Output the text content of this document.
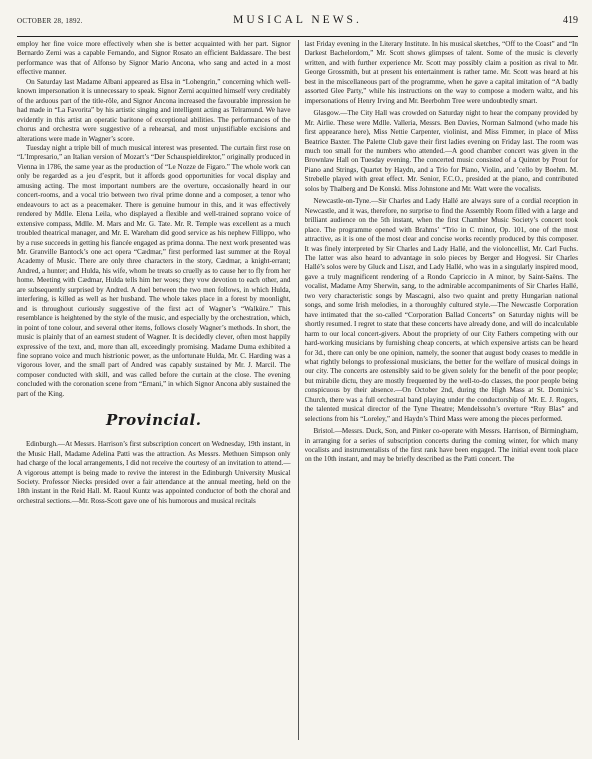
OCTOBER 28, 1892.	MUSICAL NEWS.	419

employ her fine voice more effectively when she is better acquainted with her part. Signor Bernardo Zerni was a capable Fernando, and Signor Rosato an efficient Baldassare. The best performance was that of Alfonso by Signor Mario Ancona, who sang and acted in a most effective manner.

On Saturday last Madame Albani appeared as Elsa in “Lohengrin,” concerning which well-known impersonation it is unnecessary to speak. Signor Zerni acquitted himself very creditably of the arduous part of the title-rôle, and Signor Ancona increased the favourable impression he had made in “La Favorita” by his artistic singing and intelligent acting as Telramund. We have evidently in this artist an operatic baritone of exceptional abilities. The performances of the chorus and orchestra were suggestive of a rehearsal, and most unjustifiable excisions and alterations were made in Wagner’s score.

Tuesday night a triple bill of much musical interest was presented. The curtain first rose on “L’Impresario,” an Italian version of Mozart’s “Der Schauspieldirektor,” originally produced in Vienna in 1786, the same year as the production of “Le Nozze de Figaro.” The whole work can only be regarded as a jeu d’esprit, but it affords good opportunities for vocal display and amusing acting. The most important numbers are the overture, occasionally heard in our concert-rooms, and a vocal trio between two rival prime donne and a composer, a tenor who endeavours to act as a peacemaker. There is genuine humour in this, and it was effectively rendered by Mdlle. Elena Leila, who displayed a flexible and well-trained soprano voice of extensive compass, Mdlle. M. Mars and Mr. G. Tate. Mr. R. Temple was excellent as a much troubled theatrical manager, and Mr. E. Wareham did good service as his nephew Fillippo, who by a ruse succeeds in getting his fiancée engaged as prima donna. The next work presented was Mr. Granville Bantock’s one act opera “Cædmar,” first performed last summer at the Royal Academy of Music. There are only three characters in the story, Cædmar, a knight-errant; Andred, a hunter; and Hulda, his wife, whom he treats so cruelly as to cause her to fly from her home. Meeting with Cædmar, Hulda tells him her woes; they vow devotion to each other, and are subsequently surprised by Andred. A duel between the two men follows, in which Hulda, interfering, is killed as well as her husband. The whole takes place in a forest by moonlight, and is throughout curiously suggestive of the first act of Wagner’s “Walküre.” This resemblance is heightened by the style of the music, and especially by the orchestration, which, in point of tone colour, and several other items, follows closely Wagner’s methods. In short, the music is plainly that of an earnest student of Wagner. It is decidedly clever, often most happily expressive of the text, and, more than all, exceedingly promising. Madame Duma exhibited a fine soprano voice and much histrionic power, as the unfortunate Hulda, Mr. C. Harding was a vigorous lover, and the small part of Andred was capably sustained by Mr. J. Marcil. The composer conducted with skill, and was called before the curtain at the close. The evening concluded with the coronation scene from “Ernani,” in which Signor Ancona ably sustained the part of the King.

Provincial.

Edinburgh.—At Messrs. Harrison’s first subscription concert on Wednesday, 19th instant, in the Music Hall, Madame Adelina Patti was the attraction. As Messrs. Methuen Simpson only had charge of the local arrangements, I did not receive the courtesy of an invitation to attend.—A vigorous attempt is being made to revive the interest in the Edinburgh University Musical Society. Professor Niecks presided over a fair attendance at the annual meeting, held on the 18th instant in the Reid Hall. M. Raoul Kuntz was appointed conductor of both the choral and orchestral sections.—Mr. Ross-Scott gave one of his humorous and musical recitals

last Friday evening in the Literary Institute. In his musical sketches, “Off to the Coast” and “In Darkest Bachelordom,” Mr. Scott shows glimpses of talent. Some of the music is cleverly written, and with further experience Mr. Scott may possibly claim a position as rival to Mr. George Grossmith, but at present his entertainment is rather tame. Mr. Scott was heard at his best in the miscellaneous part of the programme, when he gave a capital imitation of “A badly assorted Glee Party,” while his instructions on the way to compose a modern waltz, and his impersonations of Henry Irving and Mr. Beerbohm Tree were undoubtedly smart.

Glasgow.—The City Hall was crowded on Saturday night to hear the company provided by Mr. Airlie. These were Mdlle. Valleria, Messrs. Ben Davies, Norman Salmond (who made his first appearance here), Miss Nettie Carpenter, violinist, and Miss Fimmer, in place of Miss Beatrice Baxter. The Palette Club gave their first ladies evening on Friday last. The room was much too small for the numbers who attended.—A good chamber concert was given in the Brownlaw Hall on Tuesday evening. The concerted music consisted of a Quintet by Prout for Piano and Strings, Quartet by Haydn, and a Trio for Piano, Violin, and ’cello by Boehm. M. Strebelle played with great effect. Mr. Senior, F.C.O., presided at the piano, and contributed solos by Thalberg and De Konski. Miss Johnstone and Mr. Watt were the vocalists.

Newcastle-on-Tyne.—Sir Charles and Lady Hallé are always sure of a cordial reception in Newcastle, and it was, therefore, no surprise to find the Assembly Room filled with a large and brilliant audience on the 5th instant, when the first Chamber Music Society’s concert took place. The programme opened with Brahms’ “Trio in C minor, Op. 101, one of the most attractive, as it is one of the most clear and concise works recently produced by this composer. It was finely interpreted by Sir Charles and Lady Hallé, and the violoncellist, Mr. Carl Fuchs. The latter was also heard to advantage in solo pieces by Berger and Hogyesi. Sir Charles Hallé’s solos were by Gluck and Liszt, and Lady Hallé, who was in a singularly inspired mood, gave a truly magnificent rendering of a Rondo Capriccio in A minor, by Saint-Saëns. The vocalist, Madame Amy Sherwin, sang, to the admirable accompaniments of Sir Charles Hallé, two very characteristic songs by Mascagni, also two quaint and pretty Hungarian national songs, and some Irish melodies, in a thoroughly cultured style.—The Newcastle Corporation have intimated that the so-called “Corporation Ballad Concerts” on Saturday nights will be shortly resumed. I regret to state that these concerts have already done, and will do incalculable harm to our local concert-givers. About the propriety of our City Fathers competing with our hard-working musicians by furnishing cheap concerts, at which expensive artists can be heard for 3d., there can only be one opinion, namely, the sooner that august body ceases to meddle in what rightly belongs to professional musicians, the better for the welfare of musical doings in our city. The concerts are ostensibly said to be given solely for the benefit of the poor people; but mirabile dictu, they are mostly frequented by the well-to-do classes, the poor people being conspicuous by their absence.—On October 2nd, during the High Mass at St. Dominic’s Church, there was a full orchestral band playing under the conductorship of Mr. E. J. Rogers, the talented musical director of the Tyne Theatre; Mendelssohn’s overture “Ruy Blas” and selections from his “Loreley,” and Haydn’s Third Mass were among the pieces performed.

Bristol.—Messrs. Duck, Son, and Pinker co-operate with Messrs. Harrison, of Birmingham, in arranging for a series of subscription concerts during the coming winter, for which many vocalists and instrumentalists of the first rank have been engaged. The initial event took place on the 10th instant, and may be briefly described as the Patti concert. The
